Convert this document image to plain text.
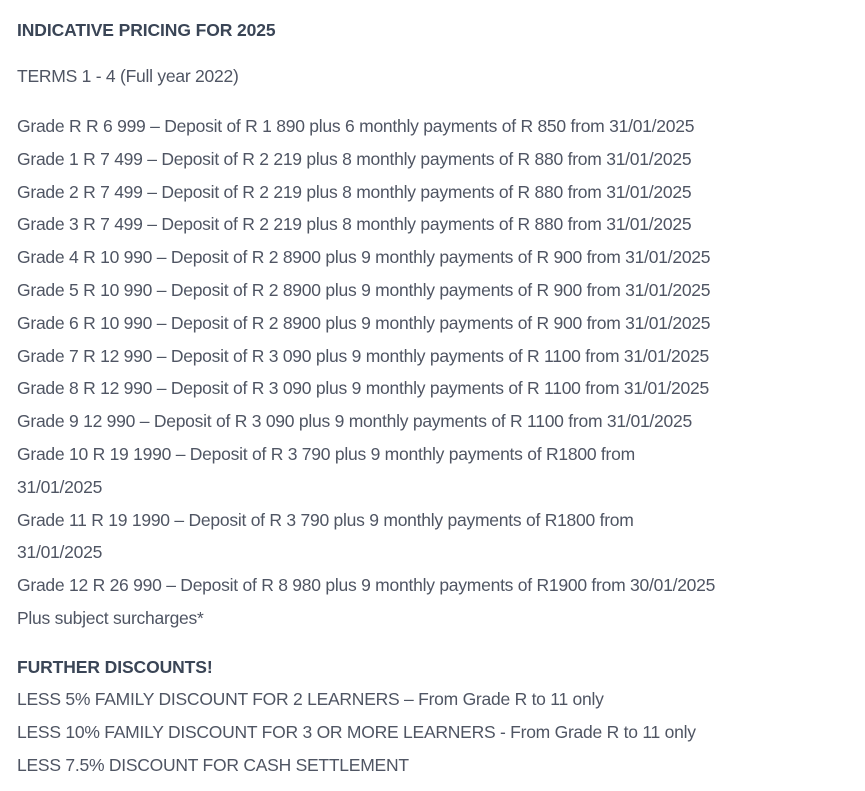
INDICATIVE PRICING FOR 2025
TERMS 1 - 4 (Full year 2022)
Grade R R 6 999 – Deposit of R 1 890 plus 6 monthly payments of R 850 from 31/01/2025
Grade 1 R 7 499 – Deposit of R 2 219 plus 8 monthly payments of R 880 from 31/01/2025
Grade 2 R 7 499 – Deposit of R 2 219 plus 8 monthly payments of R 880 from 31/01/2025
Grade 3 R 7 499 – Deposit of R 2 219 plus 8 monthly payments of R 880 from 31/01/2025
Grade 4 R 10 990 – Deposit of R 2 8900 plus 9 monthly payments of R 900 from 31/01/2025
Grade 5 R 10 990 – Deposit of R 2 8900 plus 9 monthly payments of R 900 from 31/01/2025
Grade 6 R 10 990 – Deposit of R 2 8900 plus 9 monthly payments of R 900 from 31/01/2025
Grade 7 R 12 990 – Deposit of R 3 090 plus 9 monthly payments of R 1100 from 31/01/2025
Grade 8 R 12 990 – Deposit of R 3 090 plus 9 monthly payments of R 1100 from 31/01/2025
Grade 9 12 990 – Deposit of R 3 090 plus 9 monthly payments of R 1100 from 31/01/2025
Grade 10 R 19 1990 – Deposit of R 3 790 plus 9 monthly payments of R1800 from
31/01/2025
Grade 11 R 19 1990 – Deposit of R 3 790 plus 9 monthly payments of R1800 from
31/01/2025
Grade 12 R 26 990 – Deposit of R 8 980 plus 9 monthly payments of R1900 from 30/01/2025
Plus subject surcharges*
FURTHER DISCOUNTS!
LESS 5% FAMILY DISCOUNT FOR 2 LEARNERS – From Grade R to 11 only
LESS 10% FAMILY DISCOUNT FOR 3 OR MORE LEARNERS - From Grade R to 11 only
LESS 7.5% DISCOUNT FOR CASH SETTLEMENT
